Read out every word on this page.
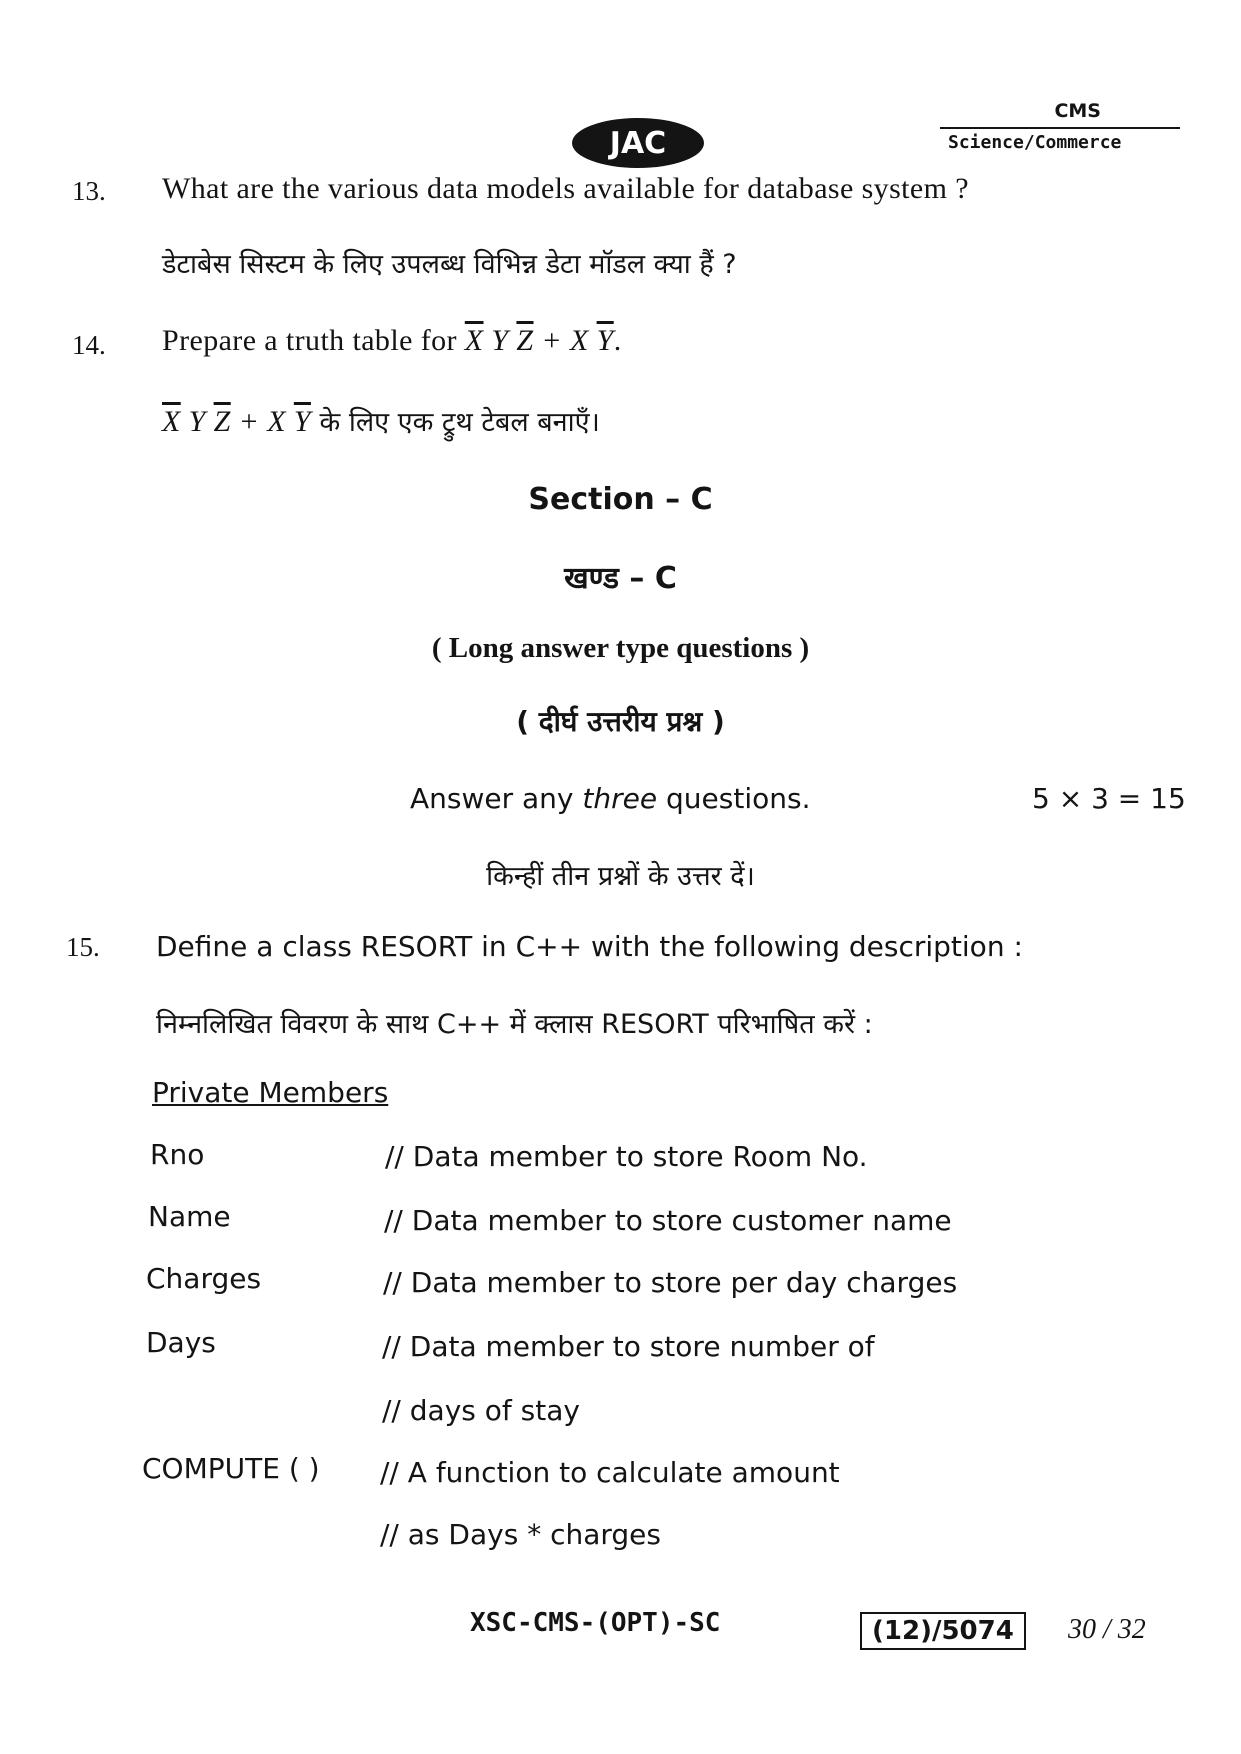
JAC
CMS
Science/Commerce
13. What are the various data models available for database system ?
डेटाबेस सिस्टम के लिए उपलब्ध विभिन्न डेटा मॉडल क्या हैं ?
14. Prepare a truth table for $\overline{X}$ Y $\overline{Z} + X$ $\overline{Y}$.
$\overline{X}$ Y $\overline{Z} + X$ $\overline{Y}$ के लिए एक ट्रुथ टेबल बनाएँ।
Section – C
खण्ड – C
( Long answer type questions )
( दीर्घ उत्तरीय प्रश्न )
Answer any three questions.	5 × 3 = 15
किन्हीं तीन प्रश्नों के उत्तर दें।
15. Define a class RESORT in C++ with the following description :
निम्नलिखित विवरण के साथ C++ में क्लास RESORT परिभाषित करें :
Private Members
Rno	// Data member to store Room No.
Name	// Data member to store customer name
Charges	// Data member to store per day charges
Days	// Data member to store number of
// days of stay
COMPUTE ( ) // A function to calculate amount
// as Days * charges
XSC-CMS-(OPT)-SC	(12)/5074	30 / 32
